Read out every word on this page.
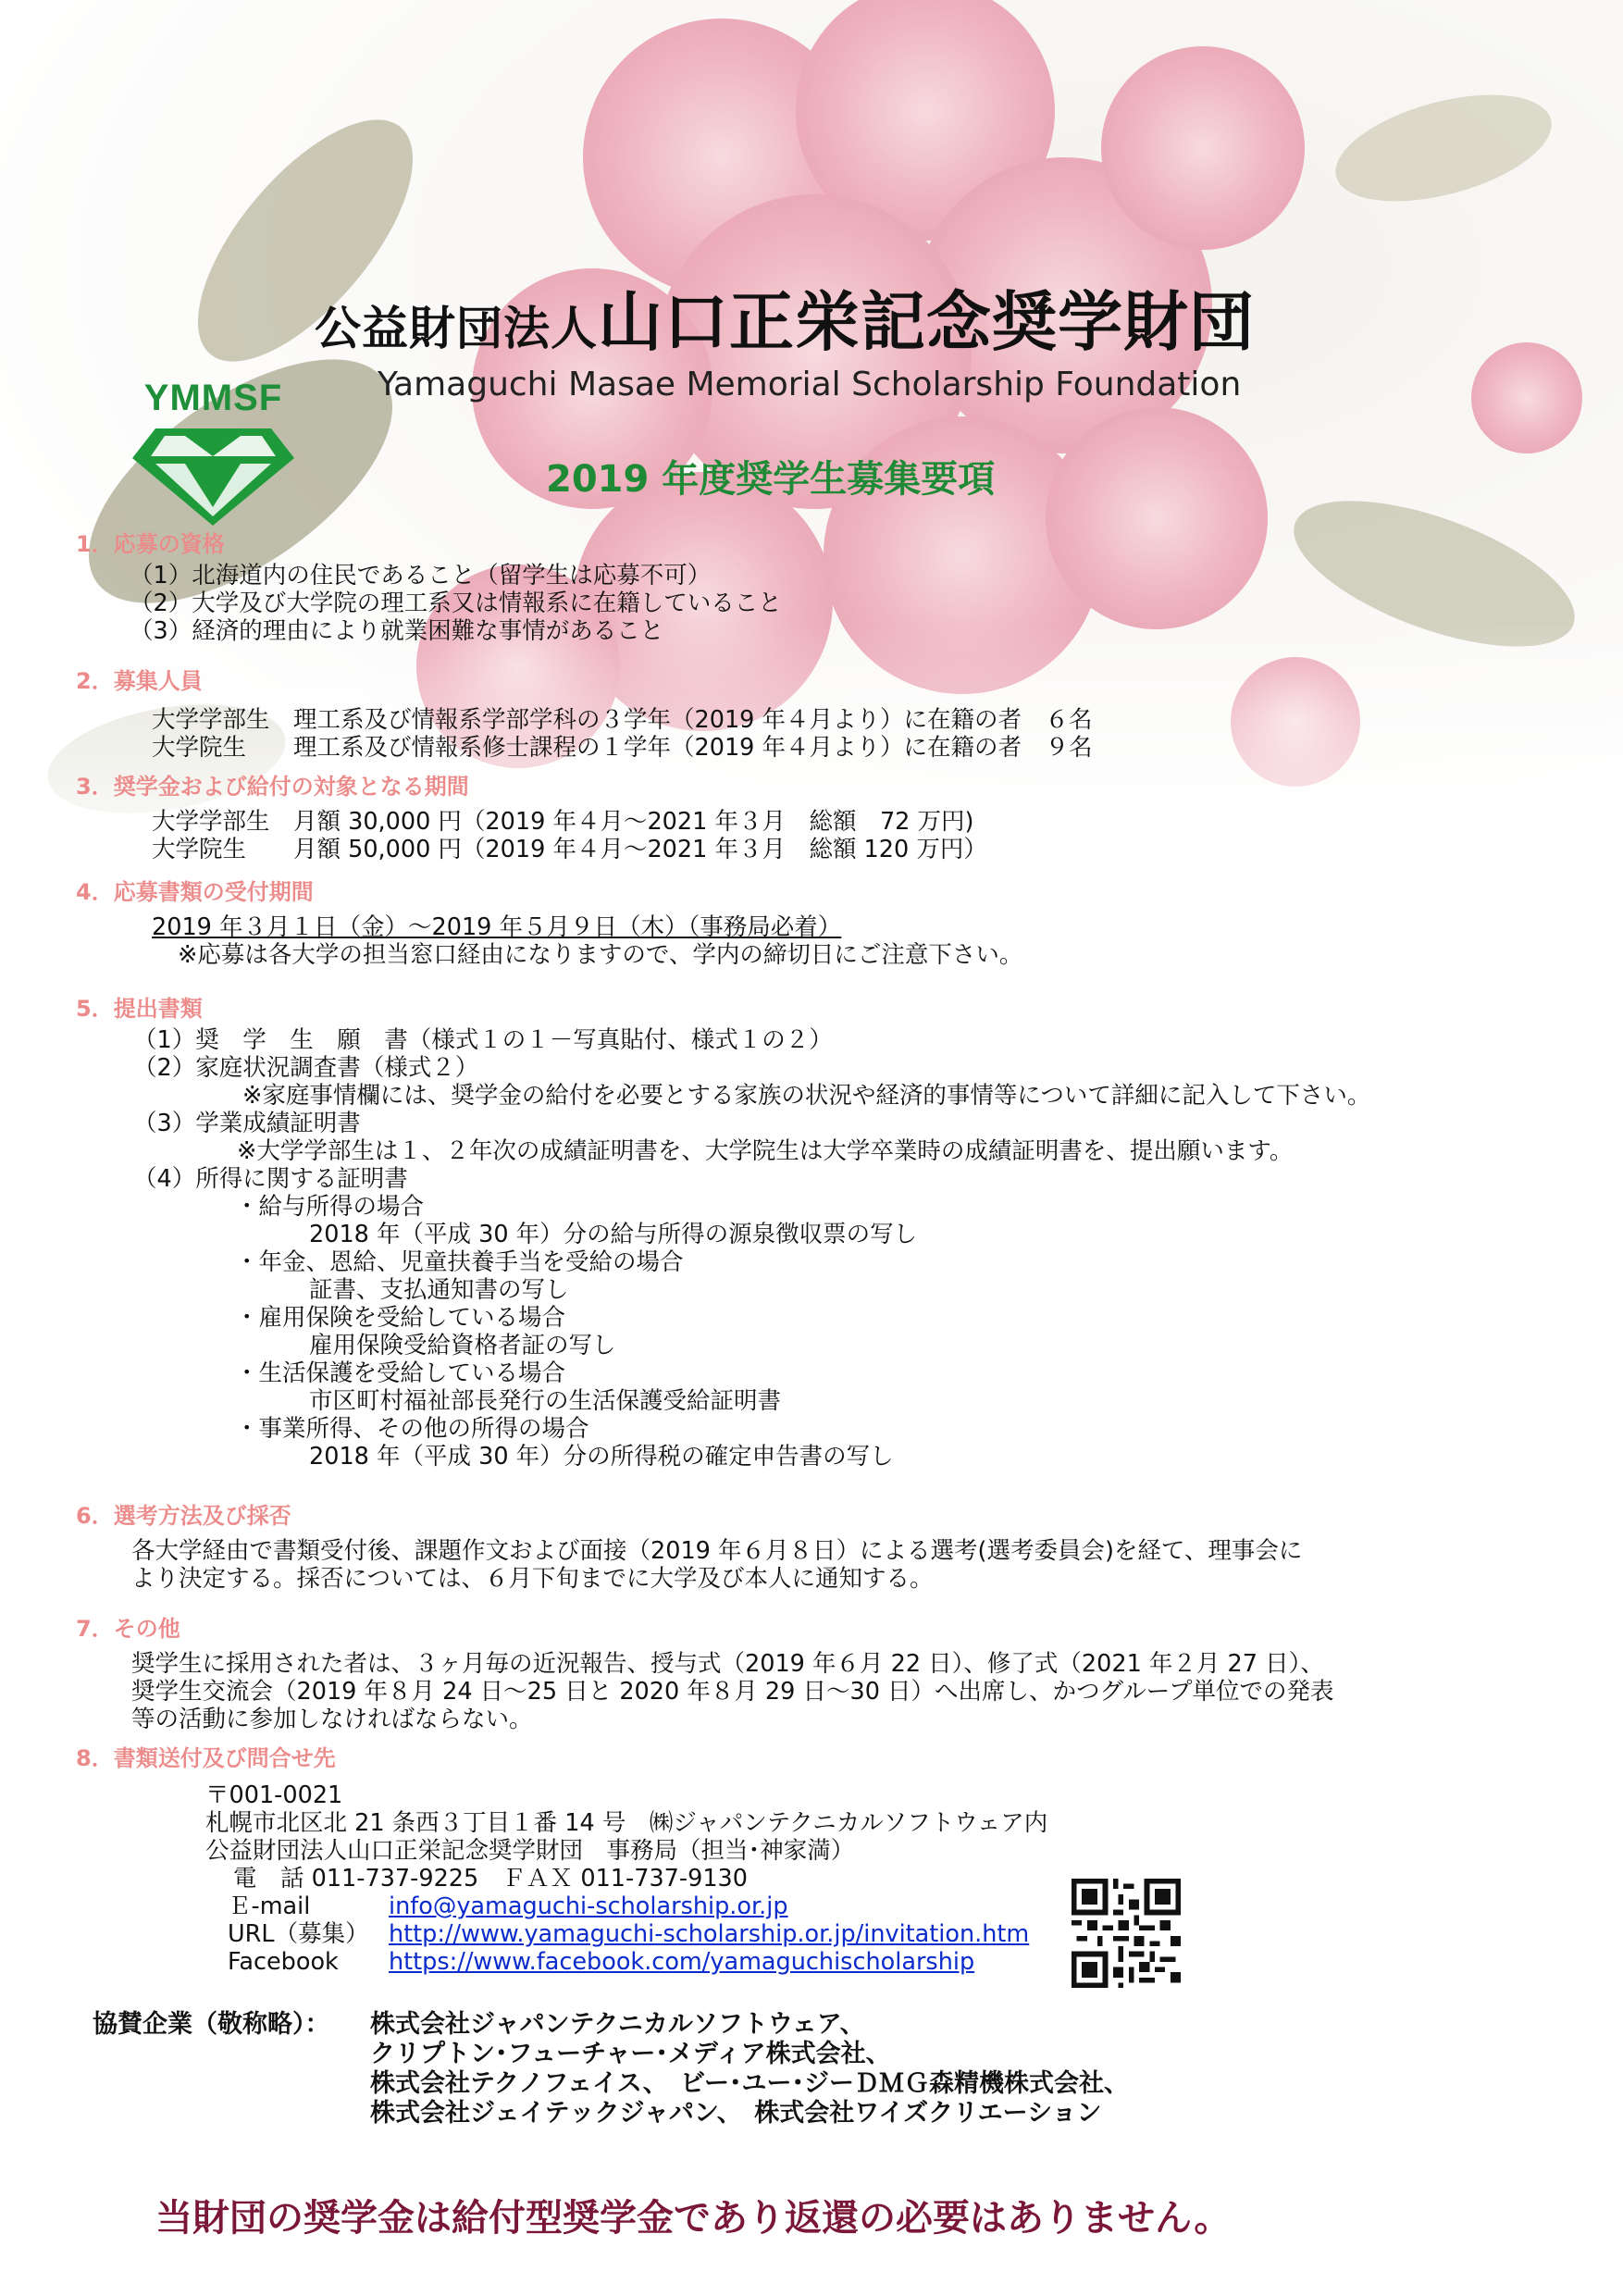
公益財団法人山口正栄記念奨学財団
Yamaguchi Masae Memorial Scholarship Foundation
YMMSF
2019 年度奨学生募集要項
1．応募の資格
（1）北海道内の住民であること（留学生は応募不可）
（2）大学及び大学院の理工系又は情報系に在籍していること
（3）経済的理由により就業困難な事情があること
2．募集人員
大学学部生　理工系及び情報系学部学科の３学年（2019 年４月より）に在籍の者　６名
大学院生　　理工系及び情報系修士課程の１学年（2019 年４月より）に在籍の者　９名
3．奨学金および給付の対象となる期間
大学学部生　月額 30,000 円（2019 年４月～2021 年３月　総額　72 万円)
大学院生　　月額 50,000 円（2019 年４月～2021 年３月　総額 120 万円）
4．応募書類の受付期間
2019 年３月１日（金）～2019 年５月９日（木）（事務局必着）
※応募は各大学の担当窓口経由になりますので、学内の締切日にご注意下さい。
5．提出書類
（1）奨　学　生　願　書（様式１の１－写真貼付、様式１の２）
（2）家庭状況調査書（様式２）
※家庭事情欄には、奨学金の給付を必要とする家族の状況や経済的事情等について詳細に記入して下さい。
（3）学業成績証明書
※大学学部生は１、２年次の成績証明書を、大学院生は大学卒業時の成績証明書を、提出願います。
（4）所得に関する証明書
・給与所得の場合
2018 年（平成 30 年）分の給与所得の源泉徴収票の写し
・年金、恩給、児童扶養手当を受給の場合
証書、支払通知書の写し
・雇用保険を受給している場合
雇用保険受給資格者証の写し
・生活保護を受給している場合
市区町村福祉部長発行の生活保護受給証明書
・事業所得、その他の所得の場合
2018 年（平成 30 年）分の所得税の確定申告書の写し
6．選考方法及び採否
各大学経由で書類受付後、課題作文および面接（2019 年６月８日）による選考(選考委員会)を経て、理事会に
より決定する。採否については、６月下旬までに大学及び本人に通知する。
7．その他
奨学生に採用された者は、３ヶ月毎の近況報告、授与式（2019 年６月 22 日）、修了式（2021 年２月 27 日）、
奨学生交流会（2019 年８月 24 日～25 日と 2020 年８月 29 日～30 日）へ出席し、かつグループ単位での発表
等の活動に参加しなければならない。
8．書類送付及び問合せ先
〒001-0021
札幌市北区北 21 条西３丁目１番 14 号　㈱ジャパンテクニカルソフトウェア内
公益財団法人山口正栄記念奨学財団　事務局（担当･神家満）
電　話 011-737-9225　ＦＡＸ 011-737-9130
Ｅ-mail	info@yamaguchi-scholarship.or.jp
URL（募集） http://www.yamaguchi-scholarship.or.jp/invitation.htm
Facebook https://www.facebook.com/yamaguchischolarship
協賛企業（敬称略）：	株式会社ジャパンテクニカルソフトウェア、
クリプトン･フューチャー･メディア株式会社、
株式会社テクノフェイス、　ビー･ユー･ジーＤＭＧ森精機株式会社、
株式会社ジェイテックジャパン、　株式会社ワイズクリエーション
当財団の奨学金は給付型奨学金であり返還の必要はありません。
